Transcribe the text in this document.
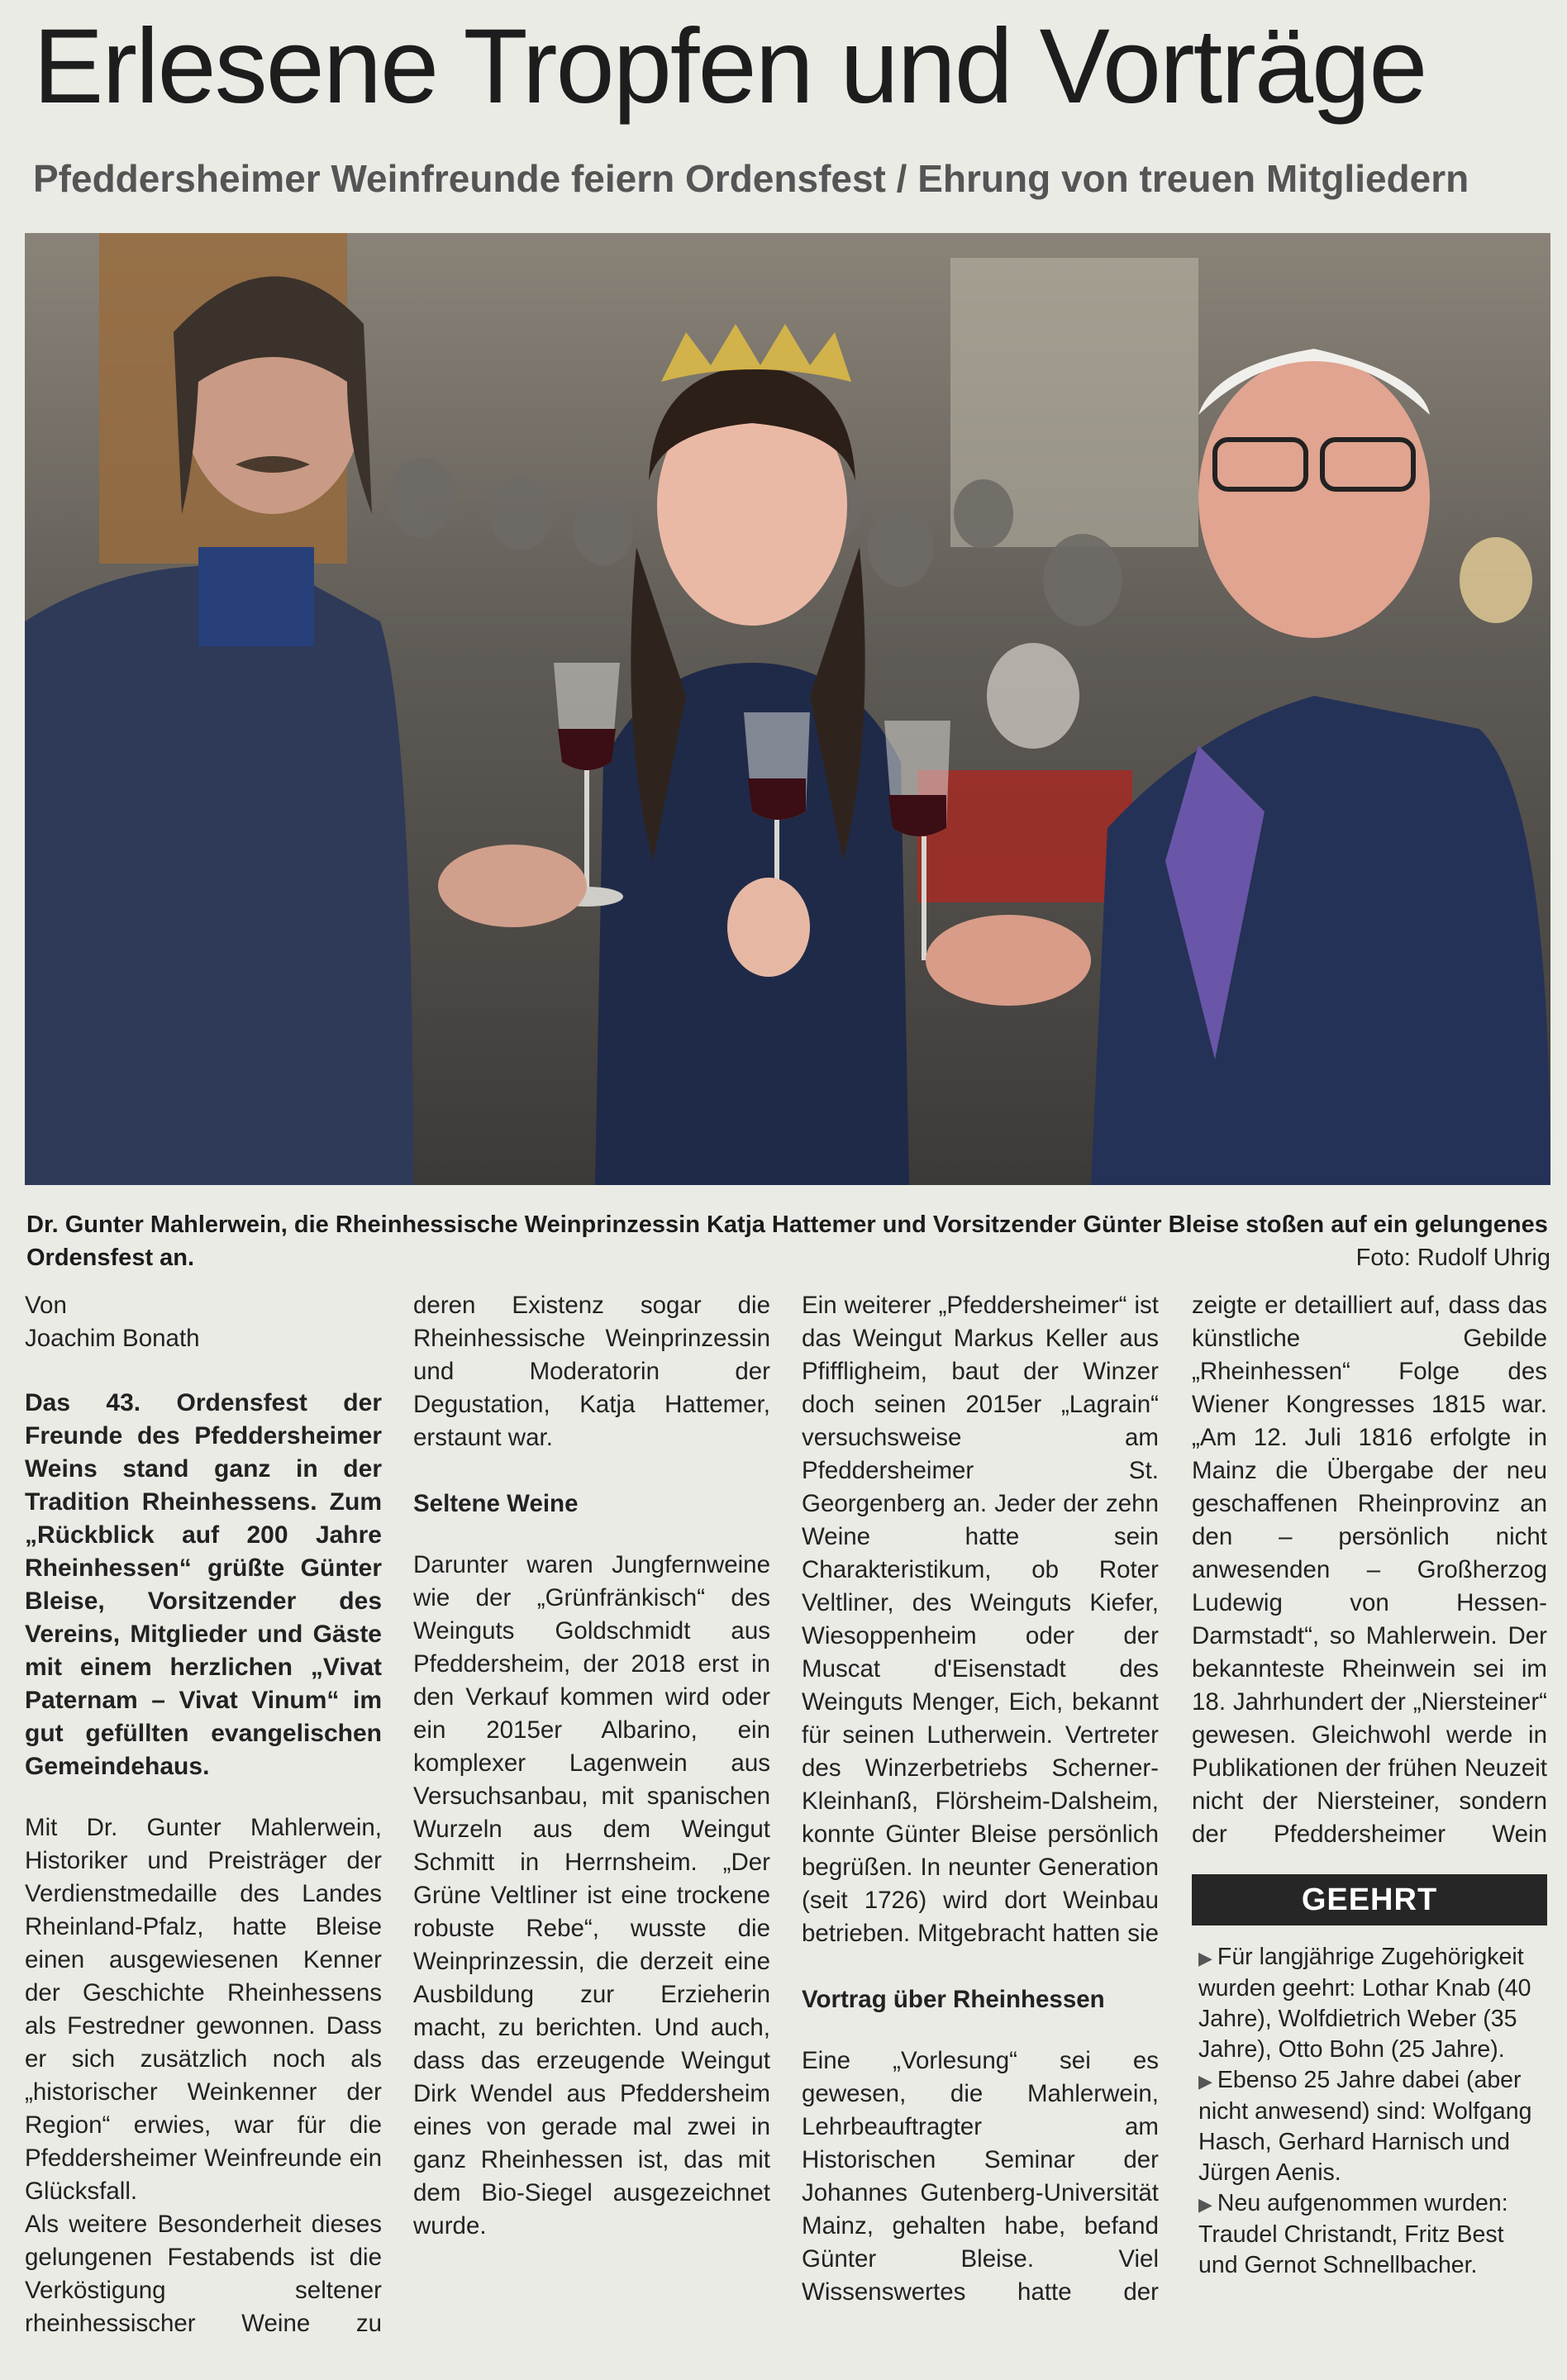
Erlesene Tropfen und Vorträge
Pfeddersheimer Weinfreunde feiern Ordensfest / Ehrung von treuen Mitgliedern
Dr. Gunter Mahlerwein, die Rheinhessische Weinprinzessin Katja Hattemer und Vorsitzender Günter Bleise stoßen auf ein gelungenes Ordensfest an.	Foto: Rudolf Uhrig

Von
Joachim Bonath

Das 43. Ordensfest der Freunde des Pfeddersheimer Weins stand ganz in der Tradition Rheinhessens. Zum „Rückblick auf 200 Jahre Rheinhessen“ grüßte Günter Bleise, Vorsitzender des Vereins, Mitglieder und Gäste mit einem herzlichen „Vivat Paternam – Vivat Vinum“ im gut gefüllten evangelischen Gemeindehaus.

Mit Dr. Gunter Mahlerwein, Historiker und Preisträger der Verdienstmedaille des Landes Rheinland-Pfalz, hatte Bleise einen ausgewiesenen Kenner der Geschichte Rheinhessens als Festredner gewonnen. Dass er sich zusätzlich noch als „historischer Weinkenner der Region“ erwies, war für die Pfeddersheimer Weinfreunde ein Glücksfall.

Als weitere Besonderheit dieses gelungenen Festabends ist die Verköstigung seltener rheinhessischer Weine zu

deren Existenz sogar die Rheinhessische Weinprinzessin und Moderatorin der Degustation, Katja Hattemer, erstaunt war.

Seltene Weine

Darunter waren Jungfernweine wie der „Grünfränkisch“ des Weinguts Goldschmidt aus Pfeddersheim, der 2018 erst in den Verkauf kommen wird oder ein 2015er Albarino, ein komplexer Lagenwein aus Versuchsanbau, mit spanischen Wurzeln aus dem Weingut Schmitt in Herrnsheim. „Der Grüne Veltliner ist eine trockene robuste Rebe“, wusste die Weinprinzessin, die derzeit eine Ausbildung zur Erzieherin macht, zu berichten. Und auch, dass das erzeugende Weingut Dirk Wendel aus Pfeddersheim eines von gerade mal zwei in ganz Rheinhessen ist, das mit dem Bio-Siegel ausgezeichnet wurde.

Ein weiterer „Pfeddersheimer“ ist das Weingut Markus Keller aus Pfiffligheim, baut der Winzer doch seinen 2015er „Lagrain“ versuchsweise am Pfeddersheimer St. Georgenberg an. Jeder der zehn Weine hatte sein Charakteristikum, ob Roter Veltliner, des Weinguts Kiefer, Wiesoppenheim oder der Muscat d'Eisenstadt des Weinguts Menger, Eich, bekannt für seinen Lutherwein. Vertreter des Winzerbetriebs Scherner-Kleinhanß, Flörsheim-Dalsheim, konnte Günter Bleise persönlich begrüßen. In neunter Generation (seit 1726) wird dort Weinbau betrieben. Mitgebracht hatten sie

Vortrag über Rheinhessen

Eine „Vorlesung“ sei es gewesen, die Mahlerwein, Lehrbeauftragter am Historischen Seminar der Johannes Gutenberg-Universität Mainz, gehalten habe, befand Günter Bleise. Viel Wissenswertes hatte der

zeigte er detailliert auf, dass das künstliche Gebilde „Rheinhessen“ Folge des Wiener Kongresses 1815 war. „Am 12. Juli 1816 erfolgte in Mainz die Übergabe der neu geschaffenen Rheinprovinz an den – persönlich nicht anwesenden – Großherzog Ludewig von Hessen-Darmstadt“, so Mahlerwein. Der bekannteste Rheinwein sei im 18. Jahrhundert der „Niersteiner“ gewesen. Gleichwohl werde in Publikationen der frühen Neuzeit nicht der Niersteiner, sondern der Pfeddersheimer Wein

GEEHRT

▶ Für langjährige Zugehörigkeit wurden geehrt: Lothar Knab (40 Jahre), Wolfdietrich Weber (35 Jahre), Otto Bohn (25 Jahre).

▶ Ebenso 25 Jahre dabei (aber nicht anwesend) sind: Wolfgang Hasch, Gerhard Harnisch und Jürgen Aenis.

▶ Neu aufgenommen wurden: Traudel Christandt, Fritz Best und Gernot Schnellbacher.
